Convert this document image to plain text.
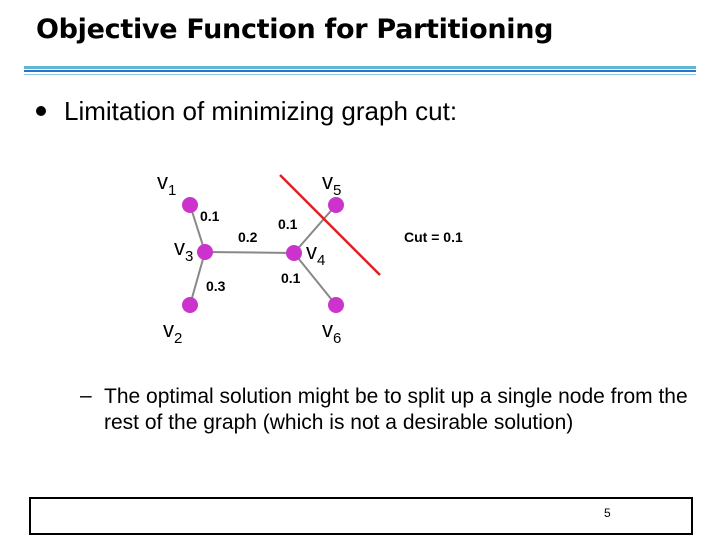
Objective Function for Partitioning
Limitation of minimizing graph cut:
$v_1$	$v_5$
$v_3$	$v_4$
$v_2$	$v_6$
0.1
0.2
0.1
0.3	0.1
Cut = 0.1
– The optimal solution might be to split up a single node from the rest of the graph (which is not a desirable solution)
5
